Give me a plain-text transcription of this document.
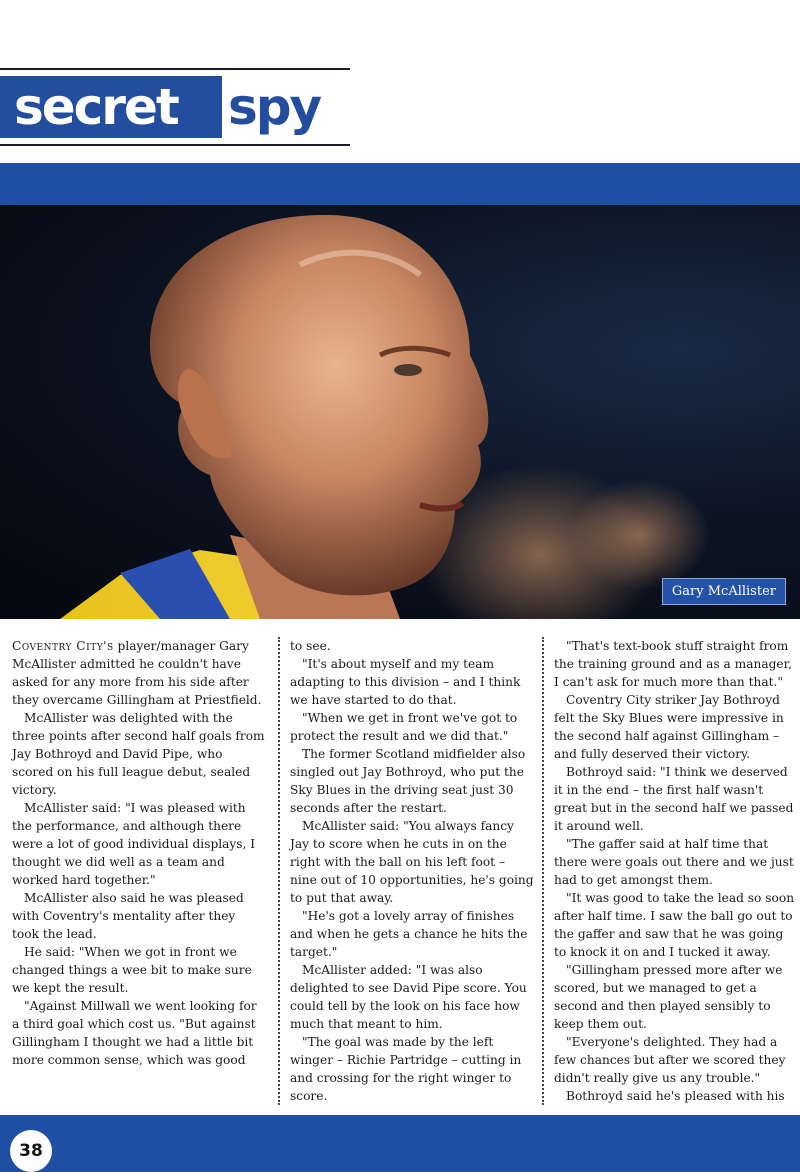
secret spy
Gary McAllister

Coventry City's player/manager Gary McAllister admitted he couldn't have asked for any more from his side after they overcame Gillingham at Priestfield.

McAllister was delighted with the three points after second half goals from Jay Bothroyd and David Pipe, who scored on his full league debut, sealed victory.

McAllister said: "I was pleased with the performance, and although there were a lot of good individual displays, I thought we did well as a team and worked hard together."

McAllister also said he was pleased with Coventry's mentality after they took the lead.

He said: "When we got in front we changed things a wee bit to make sure we kept the result.

"Against Millwall we went looking for a third goal which cost us. "But against Gillingham I thought we had a little bit more common sense, which was good

to see.

"It's about myself and my team adapting to this division – and I think we have started to do that.

"When we get in front we've got to protect the result and we did that."

The former Scotland midfielder also singled out Jay Bothroyd, who put the Sky Blues in the driving seat just 30 seconds after the restart.

McAllister said: "You always fancy Jay to score when he cuts in on the right with the ball on his left foot – nine out of 10 opportunities, he's going to put that away.

"He's got a lovely array of finishes and when he gets a chance he hits the target."

McAllister added: "I was also delighted to see David Pipe score. You could tell by the look on his face how much that meant to him.

"The goal was made by the left winger – Richie Partridge – cutting in and crossing for the right winger to score.

"That's text-book stuff straight from the training ground and as a manager, I can't ask for much more than that."

Coventry City striker Jay Bothroyd felt the Sky Blues were impressive in the second half against Gillingham – and fully deserved their victory.

Bothroyd said: "I think we deserved it in the end – the first half wasn't great but in the second half we passed it around well.

"The gaffer said at half time that there were goals out there and we just had to get amongst them.

"It was good to take the lead so soon after half time. I saw the ball go out to the gaffer and saw that he was going to knock it on and I tucked it away.

"Gillingham pressed more after we scored, but we managed to get a second and then played sensibly to keep them out.

"Everyone's delighted. They had a few chances but after we scored they didn't really give us any trouble."

Bothroyd said he's pleased with his

38
